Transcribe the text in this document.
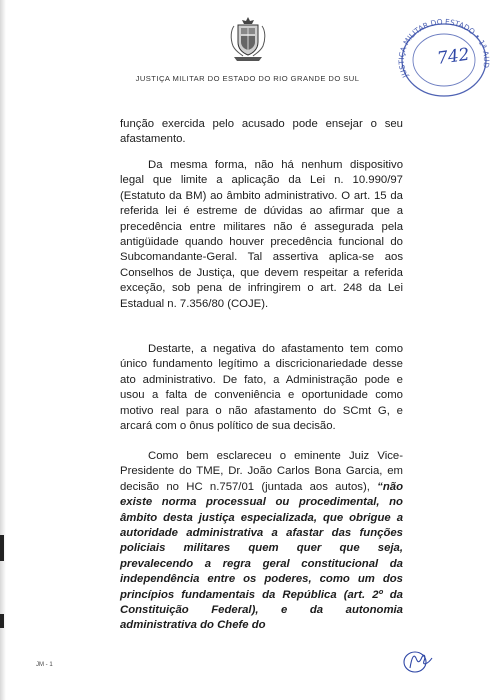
JUSTIÇA MILITAR DO ESTADO DO RIO GRANDE DO SUL	JUSTIÇA MILITAR DO ESTADO • 1ª AUD
742

função exercida pelo acusado pode ensejar o seu afastamento.

Da mesma forma, não há nenhum dispositivo legal que limite a aplicação da Lei n. 10.990/97 (Estatuto da BM) ao âmbito administrativo. O art. 15 da referida lei é estreme de dúvidas ao afirmar que a precedência entre militares não é assegurada pela antigüidade quando houver precedência funcional do Subcomandante-Geral. Tal assertiva aplica-se aos Conselhos de Justiça, que devem respeitar a referida exceção, sob pena de infringirem o art. 248 da Lei Estadual n. 7.356/80 (COJE).

Destarte, a negativa do afastamento tem como único fundamento legítimo a discricionariedade desse ato administrativo. De fato, a Administração pode e usou a falta de conveniência e oportunidade como motivo real para o não afastamento do SCmt G, e arcará com o ônus político de sua decisão.

Como bem esclareceu o eminente Juiz Vice-Presidente do TME, Dr. João Carlos Bona Garcia, em decisão no HC n.757/01 (juntada aos autos), “não existe norma processual ou procedimental, no âmbito desta justiça especializada, que obrigue a autoridade administrativa a afastar das funções policiais militares quem quer que seja, prevalecendo a regra geral constitucional da independência entre os poderes, como um dos princípios fundamentais da República (art. 2º da Constituição Federal), e da autonomia administrativa do Chefe do

JM - 1
